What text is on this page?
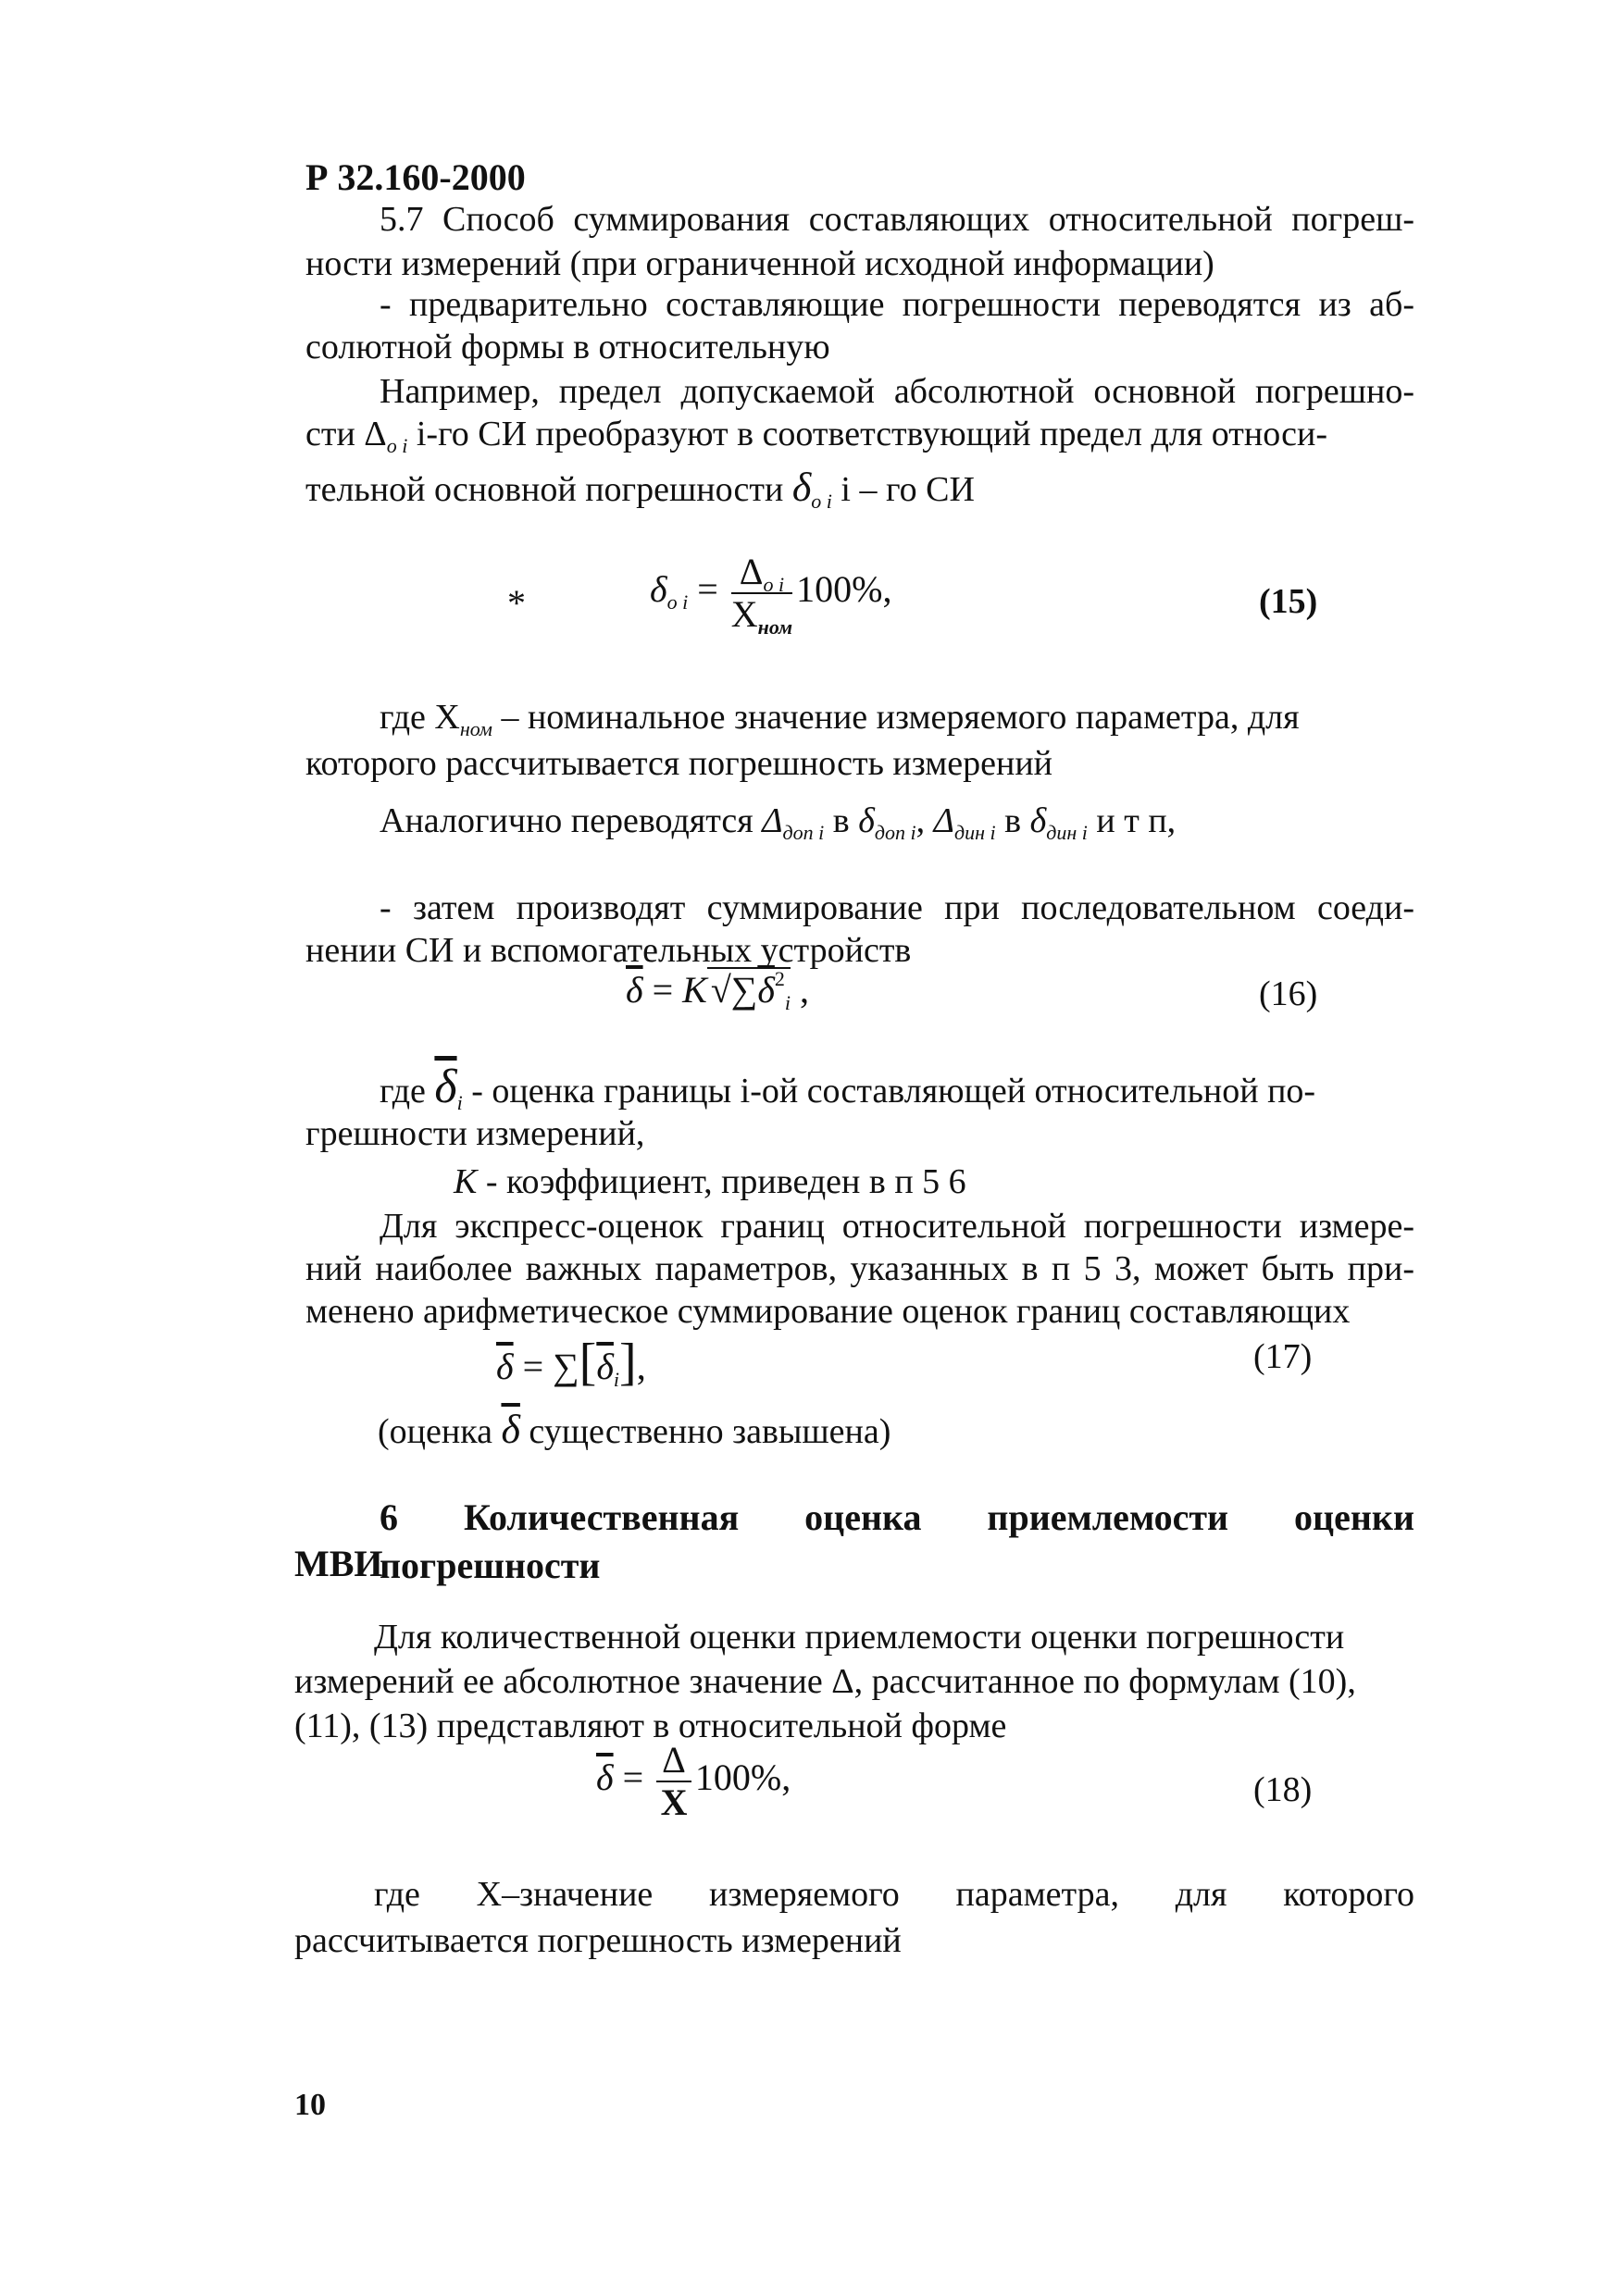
Р 32.160-2000
5.7 Способ суммирования составляющих относительной погреш-
ности измерений (при ограниченной исходной информации)
- предварительно составляющие погрешности переводятся из аб-
солютной формы в относительную
Например, предел допускаемой абсолютной основной погрешно-
сти $\Delta_{o i}$ i-го СИ преобразуют в соответствующий предел для относи-
тельной основной погрешности $\delta_{o i}$ i – го СИ
*	$\delta_{o i} = \frac{\Delta_{o i}}{X_{ном}} 100\%$,	(15)
где $X_{ном}$ – номинальное значение измеряемого параметра, для
которого рассчитывается погрешность измерений
Аналогично переводятся $\Delta_{доп i}$ в $\delta_{доп i}$, $\Delta_{дин i}$ в $\delta_{дин i}$ и т п,
- затем производят суммирование при последовательном соеди-
нении СИ и вспомогательных устройств
$\overline{\delta} = K$ $√\sum\overline{\delta}^2_i$ ,	(16)
где $\overline{\delta}_i$ - оценка границы i-ой составляющей относительной по-
грешности измерений,
K - коэффициент, приведен в п 5 6
Для экспресс-оценок границ относительной погрешности измере-
ний наиболее важных параметров, указанных в п 5 3, может быть при-
менено арифметическое суммирование оценок границ составляющих
$\overline{\delta} = \sum[\overline{\delta}_i]$,	(17)
(оценка $\overline{\delta}$ существенно завышена)
6 Количественная оценка приемлемости оценки погрешности
МВИ
Для количественной оценки приемлемости оценки погрешности
измерений ее абсолютное значение Δ, рассчитанное по формулам (10),
(11), (13) представляют в относительной форме
$\overline{\delta} = \frac{\Delta}{X} 100\%$,	(18)
где X–значение измеряемого параметра, для которого
рассчитывается погрешность измерений
10
